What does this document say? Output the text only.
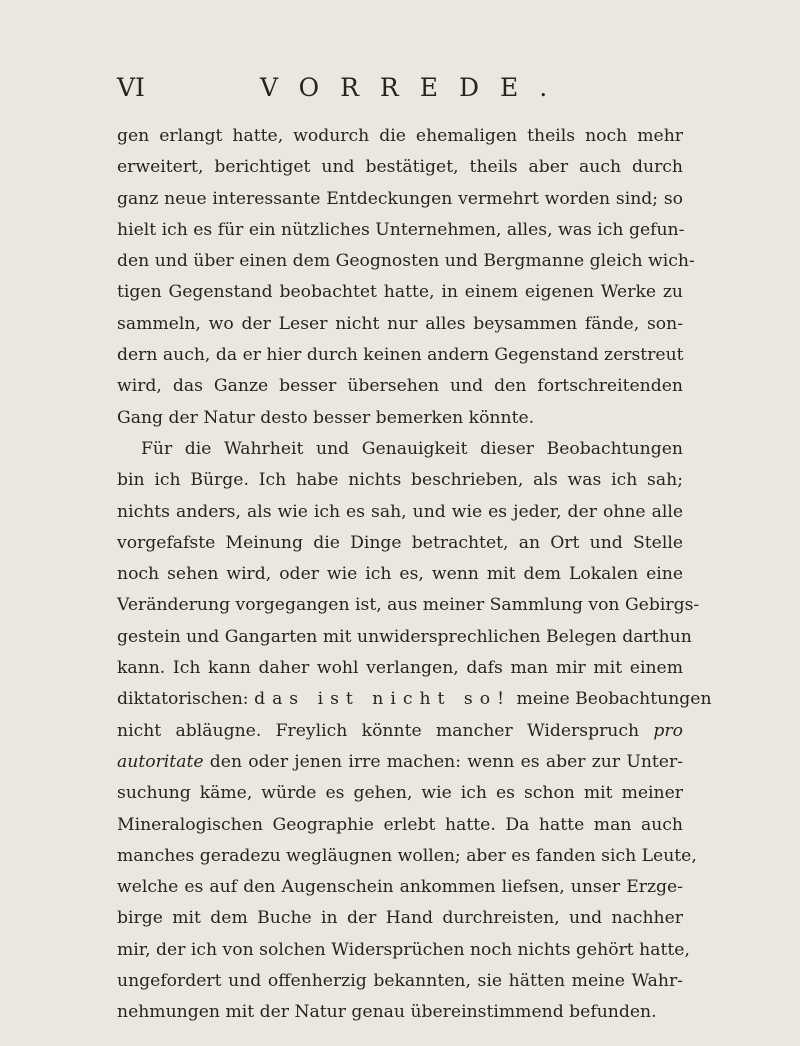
VI	VORREDE.
gen erlangt hatte, wodurch die ehemaligen theils noch mehr
erweitert, berichtiget und bestätiget, theils aber auch durch
ganz neue interessante Entdeckungen vermehrt worden sind; so
hielt ich es für ein nützliches Unternehmen, alles, was ich gefun-
den und über einen dem Geognosten und Bergmanne gleich wich-
tigen Gegenstand beobachtet hatte, in einem eigenen Werke zu
sammeln, wo der Leser nicht nur alles beysammen fände, son-
dern auch, da er hier durch keinen andern Gegenstand zerstreut
wird, das Ganze besser übersehen und den fortschreitenden
Gang der Natur desto besser bemerken könnte.
Für die Wahrheit und Genauigkeit dieser Beobachtungen
bin ich Bürge. Ich habe nichts beschrieben, als was ich sah;
nichts anders, als wie ich es sah, und wie es jeder, der ohne alle
vorgefafste Meinung die Dinge betrachtet, an Ort und Stelle
noch sehen wird, oder wie ich es, wenn mit dem Lokalen eine
Veränderung vorgegangen ist, aus meiner Sammlung von Gebirgs-
gestein und Gangarten mit unwidersprechlichen Belegen darthun
kann. Ich kann daher wohl verlangen, dafs man mir mit einem
diktatorischen: das ist nicht so! meine Beobachtungen
nicht abläugne. Freylich könnte mancher Widerspruch pro
autoritate den oder jenen irre machen: wenn es aber zur Unter-
suchung käme, würde es gehen, wie ich es schon mit meiner
Mineralogischen Geographie erlebt hatte. Da hatte man auch
manches geradezu wegläugnen wollen; aber es fanden sich Leute,
welche es auf den Augenschein ankommen liefsen, unser Erzge-
birge mit dem Buche in der Hand durchreisten, und nachher
mir, der ich von solchen Widersprüchen noch nichts gehört hatte,
ungefordert und offenherzig bekannten, sie hätten meine Wahr-
nehmungen mit der Natur genau übereinstimmend befunden.
